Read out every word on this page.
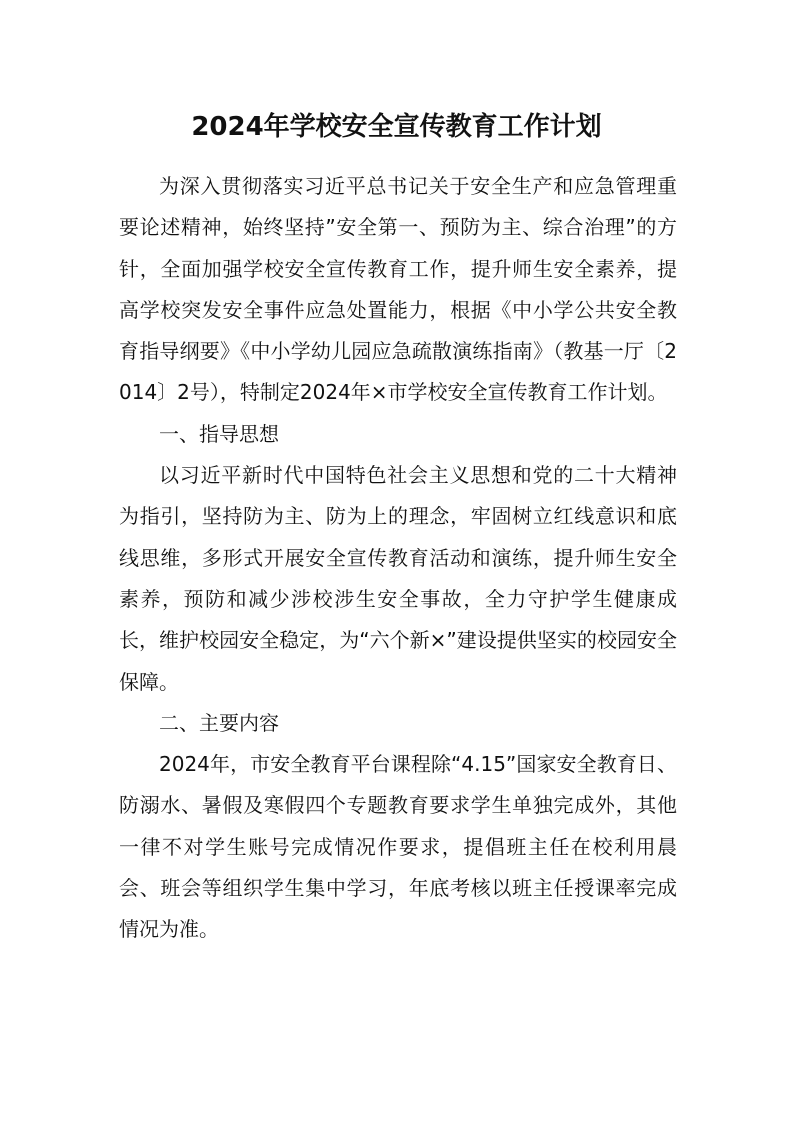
2024年学校安全宣传教育工作计划

为深入贯彻落实习近平总书记关于安全生产和应急管理重要论述精神，始终坚持”安全第一、预防为主、综合治理”的方针，全面加强学校安全宣传教育工作，提升师生安全素养，提高学校突发安全事件应急处置能力，根据《中小学公共安全教育指导纲要》《中小学幼儿园应急疏散演练指南》（教基一厅〔2014〕2号），特制定2024年×市学校安全宣传教育工作计划。

一、指导思想

以习近平新时代中国特色社会主义思想和党的二十大精神为指引，坚持防为主、防为上的理念，牢固树立红线意识和底线思维，多形式开展安全宣传教育活动和演练，提升师生安全素养，预防和减少涉校涉生安全事故，全力守护学生健康成长，维护校园安全稳定，为“六个新×”建设提供坚实的校园安全保障。

二、主要内容

2024年，市安全教育平台课程除“4.15”国家安全教育日、防溺水、暑假及寒假四个专题教育要求学生单独完成外，其他一律不对学生账号完成情况作要求，提倡班主任在校利用晨会、班会等组织学生集中学习，年底考核以班主任授课率完成情况为准。
